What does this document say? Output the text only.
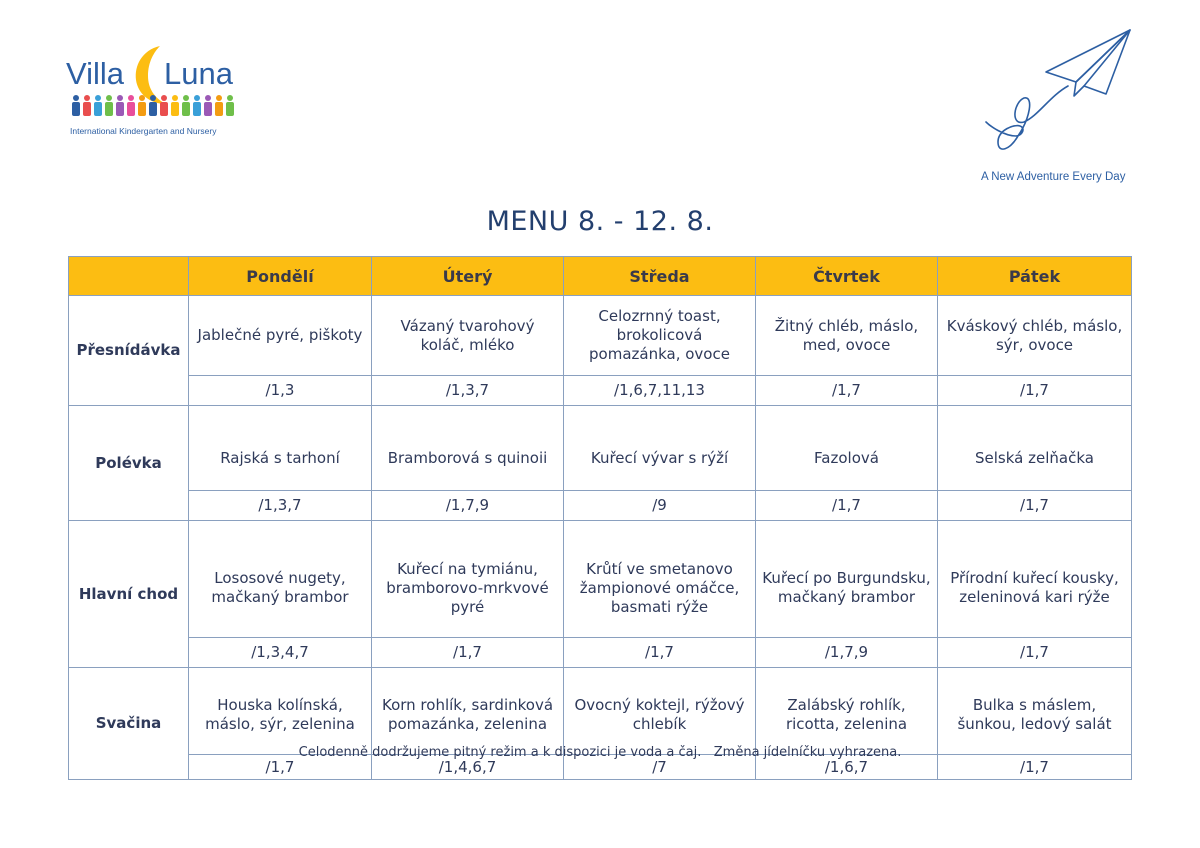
Villa Luna
International Kindergarten and Nursery
A New Adventure Every Day
MENU 8. - 12. 8.
	Pondělí	Úterý	Středa	Čtvrtek	Pátek
Přesnídávka	Jablečné pyré, piškoty	Vázaný tvarohový koláč, mléko	Celozrnný toast, brokolicová pomazánka, ovoce	Žitný chléb, máslo, med, ovoce	Kváskový chléb, máslo, sýr, ovoce
	/1,3	/1,3,7	/1,6,7,11,13	/1,7	/1,7
Polévka	Rajská s tarhoní	Bramborová s quinoii	Kuřecí vývar s rýží	Fazolová	Selská zelňačka
	/1,3,7	/1,7,9	/9	/1,7	/1,7
Hlavní chod	Lososové nugety, mačkaný brambor	Kuřecí na tymiánu, bramborovo-mrkvové pyré	Krůtí ve smetanovo žampionové omáčce, basmati rýže	Kuřecí po Burgundsku, mačkaný brambor	Přírodní kuřecí kousky, zeleninová kari rýže
	/1,3,4,7	/1,7	/1,7	/1,7,9	/1,7
Svačina	Houska kolínská, máslo, sýr, zelenina	Korn rohlík, sardinková pomazánka, zelenina	Ovocný koktejl, rýžový chlebík	Zalábský rohlík, ricotta, zelenina	Bulka s máslem, šunkou, ledový salát
	/1,7	/1,4,6,7	/7	/1,6,7	/1,7
Celodenně dodržujeme pitný režim a k dispozici je voda a čaj. Změna jídelníčku vyhrazena.
